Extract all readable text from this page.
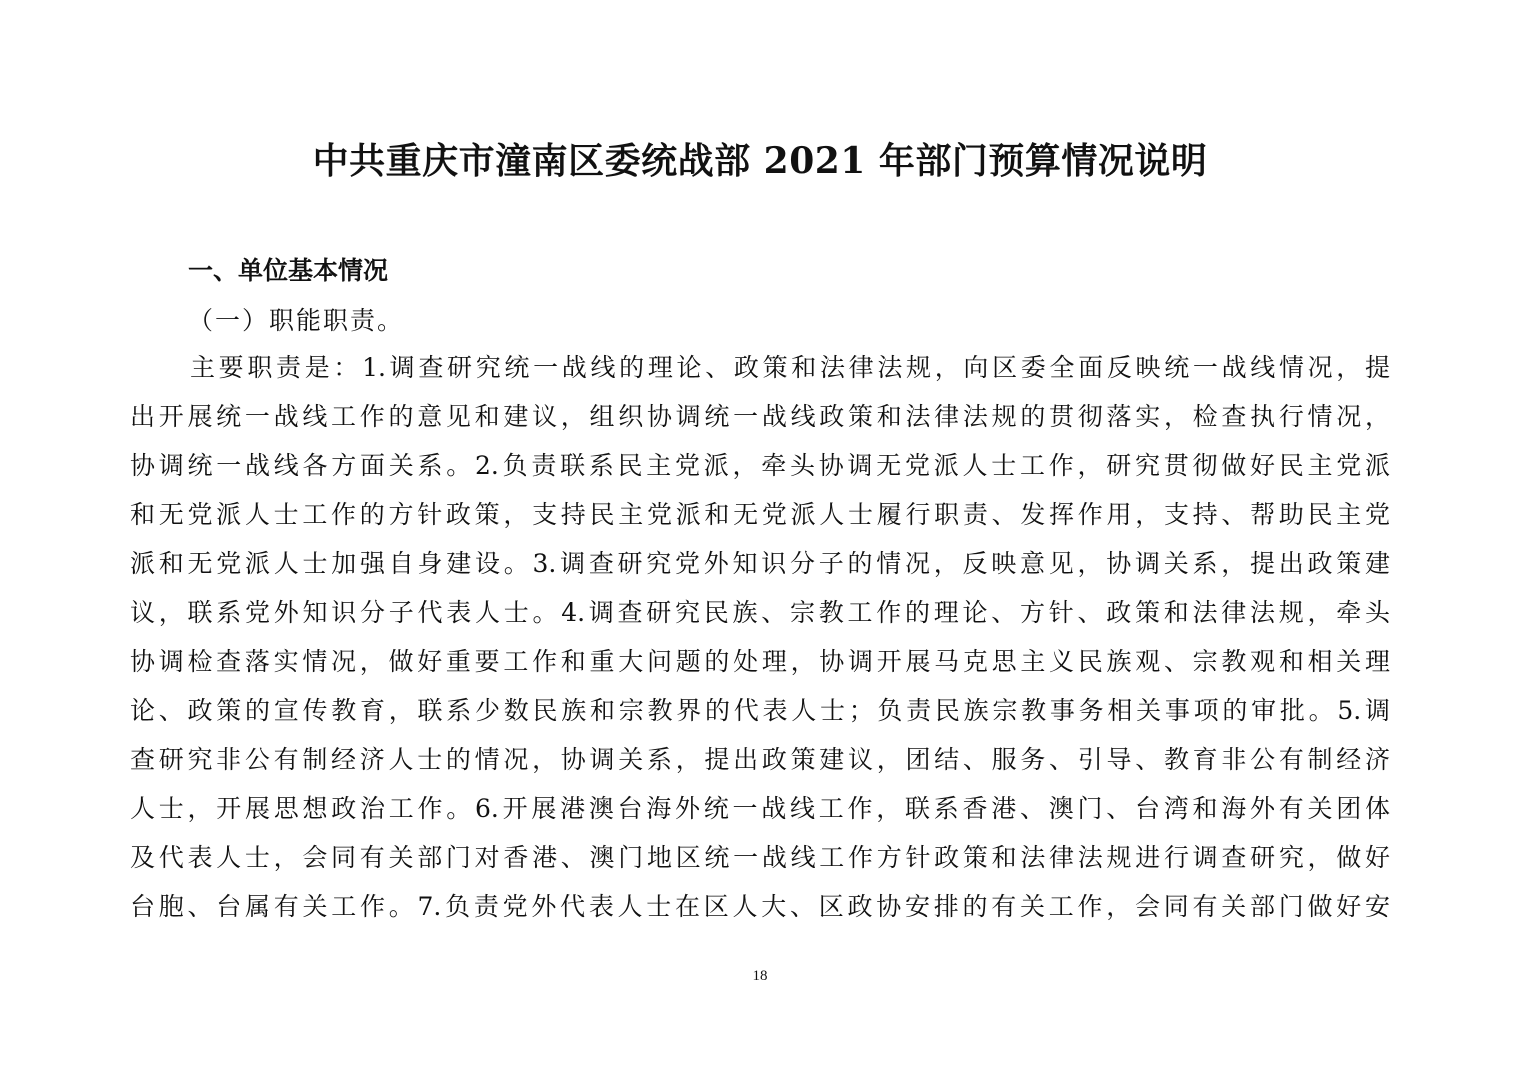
中共重庆市潼南区委统战部 2021 年部门预算情况说明
一、单位基本情况
（一）职能职责。
主要职责是：1.调查研究统一战线的理论、政策和法律法规，向区委全面反映统一战线情况，提
出开展统一战线工作的意见和建议，组织协调统一战线政策和法律法规的贯彻落实，检查执行情况，
协调统一战线各方面关系。2.负责联系民主党派，牵头协调无党派人士工作，研究贯彻做好民主党派
和无党派人士工作的方针政策，支持民主党派和无党派人士履行职责、发挥作用，支持、帮助民主党
派和无党派人士加强自身建设。3.调查研究党外知识分子的情况，反映意见，协调关系，提出政策建
议，联系党外知识分子代表人士。4.调查研究民族、宗教工作的理论、方针、政策和法律法规，牵头
协调检查落实情况，做好重要工作和重大问题的处理，协调开展马克思主义民族观、宗教观和相关理
论、政策的宣传教育，联系少数民族和宗教界的代表人士；负责民族宗教事务相关事项的审批。5.调
查研究非公有制经济人士的情况，协调关系，提出政策建议，团结、服务、引导、教育非公有制经济
人士，开展思想政治工作。6.开展港澳台海外统一战线工作，联系香港、澳门、台湾和海外有关团体
及代表人士，会同有关部门对香港、澳门地区统一战线工作方针政策和法律法规进行调查研究，做好
台胞、台属有关工作。7.负责党外代表人士在区人大、区政协安排的有关工作，会同有关部门做好安
18
